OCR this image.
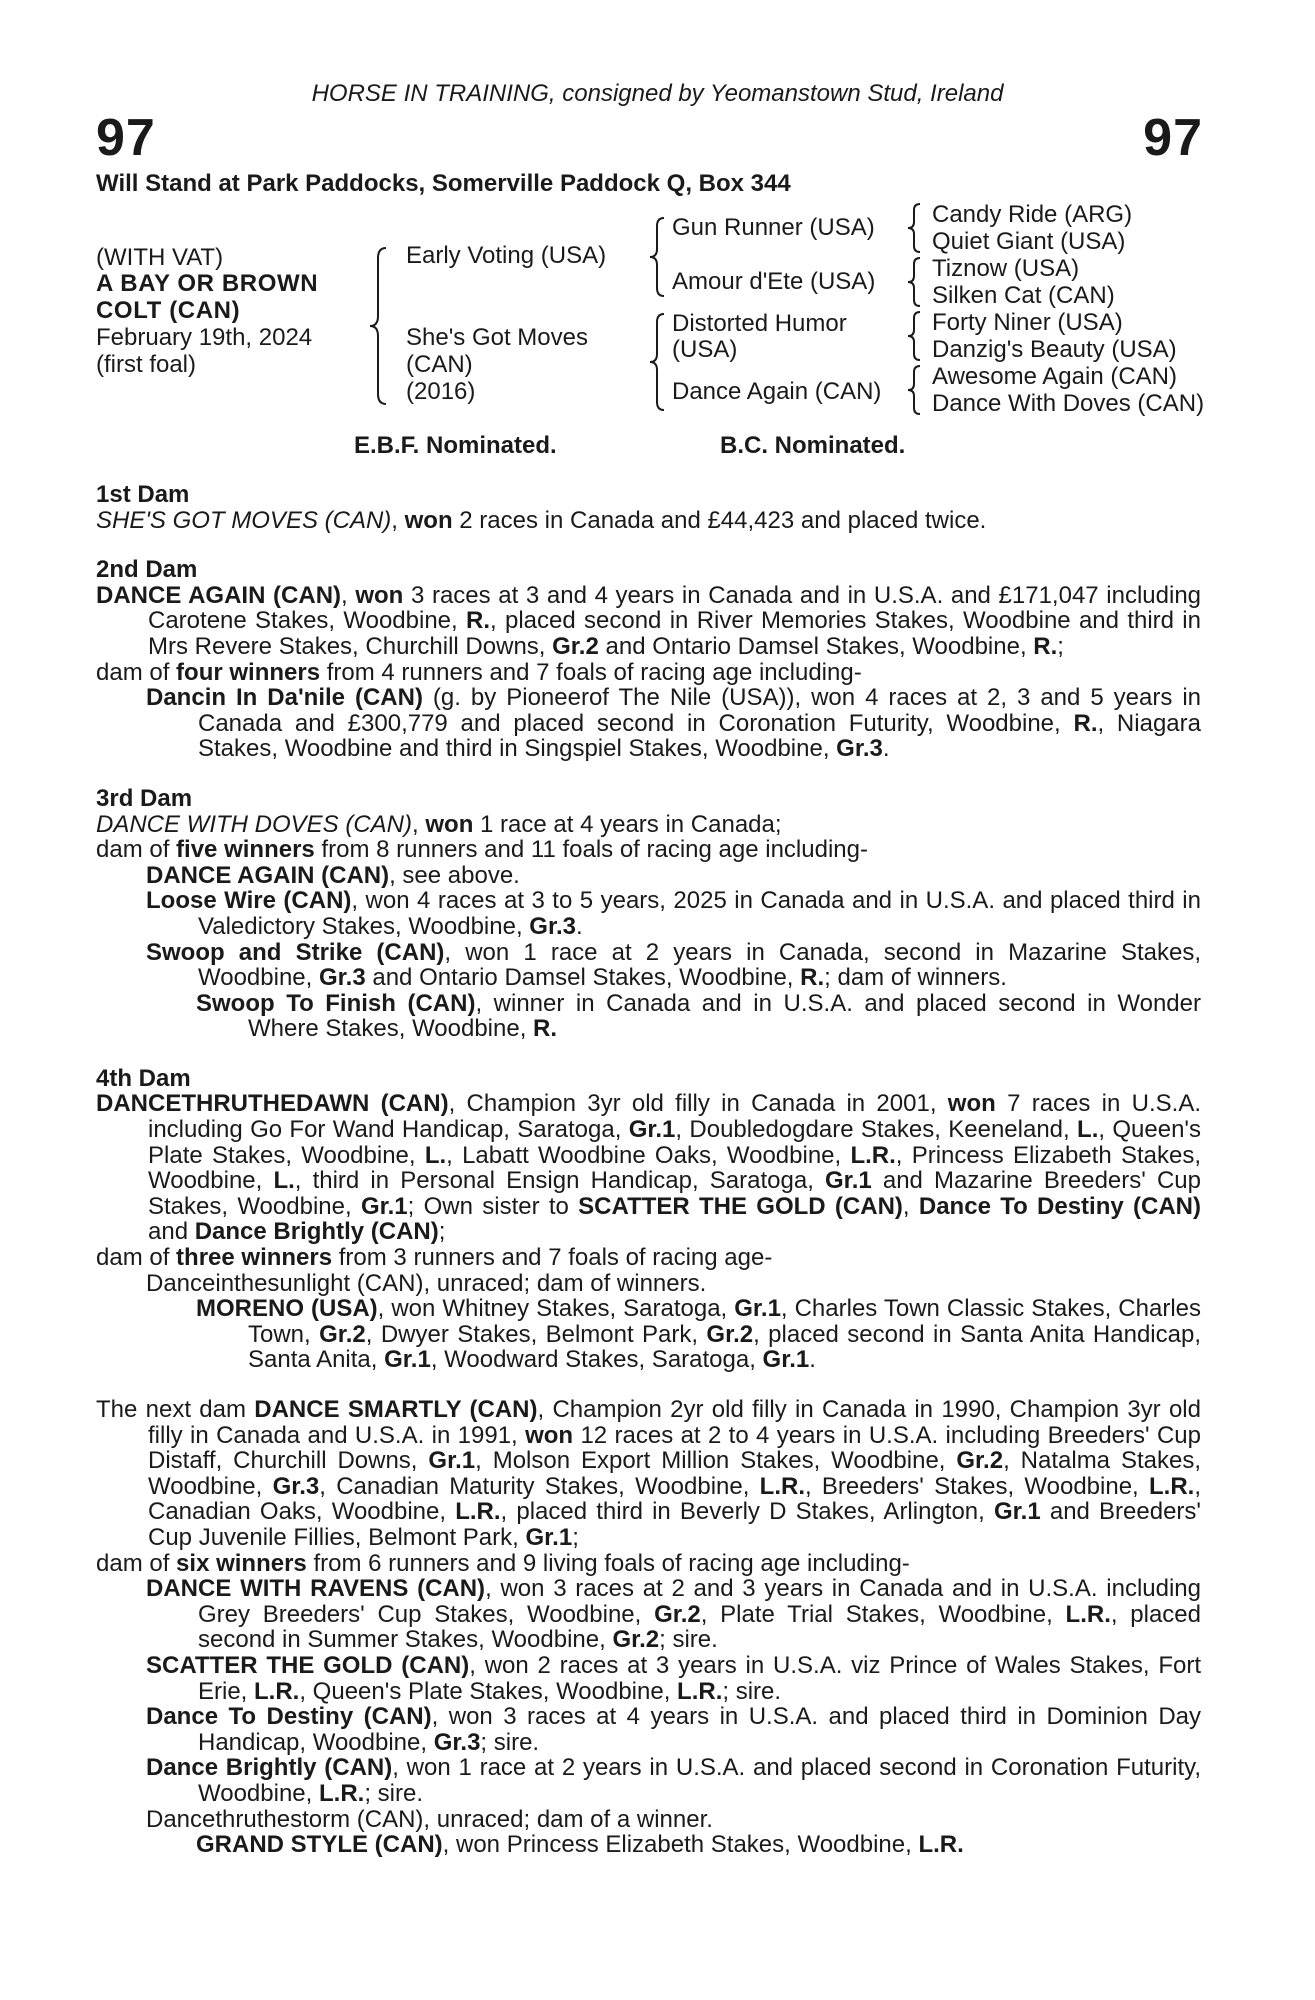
HORSE IN TRAINING, consigned by Yeomanstown Stud, Ireland
97	97
Will Stand at Park Paddocks, Somerville Paddock Q, Box 344
(WITH VAT)
A BAY OR BROWN
COLT (CAN)
February 19th, 2024
(first foal)
Early Voting (USA)
She's Got Moves
(CAN)
(2016)
Gun Runner (USA)
Amour d'Ete (USA)
Distorted Humor
(USA)
Dance Again (CAN)
Candy Ride (ARG)
Quiet Giant (USA)
Tiznow (USA)
Silken Cat (CAN)
Forty Niner (USA)
Danzig's Beauty (USA)
Awesome Again (CAN)
Dance With Doves (CAN)
E.B.F. Nominated.	B.C. Nominated.
1st Dam
SHE'S GOT MOVES (CAN), won 2 races in Canada and £44,423 and placed twice.
2nd Dam
DANCE AGAIN (CAN), won 3 races at 3 and 4 years in Canada and in U.S.A. and £171,047 including Carotene Stakes, Woodbine, R., placed second in River Memories Stakes, Woodbine and third in Mrs Revere Stakes, Churchill Downs, Gr.2 and Ontario Damsel Stakes, Woodbine, R.;
dam of four winners from 4 runners and 7 foals of racing age including-
Dancin In Da'nile (CAN) (g. by Pioneerof The Nile (USA)), won 4 races at 2, 3 and 5 years in Canada and £300,779 and placed second in Coronation Futurity, Woodbine, R., Niagara Stakes, Woodbine and third in Singspiel Stakes, Woodbine, Gr.3.
3rd Dam
DANCE WITH DOVES (CAN), won 1 race at 4 years in Canada;
dam of five winners from 8 runners and 11 foals of racing age including-
DANCE AGAIN (CAN), see above.
Loose Wire (CAN), won 4 races at 3 to 5 years, 2025 in Canada and in U.S.A. and placed third in Valedictory Stakes, Woodbine, Gr.3.
Swoop and Strike (CAN), won 1 race at 2 years in Canada, second in Mazarine Stakes, Woodbine, Gr.3 and Ontario Damsel Stakes, Woodbine, R.; dam of winners.
Swoop To Finish (CAN), winner in Canada and in U.S.A. and placed second in Wonder Where Stakes, Woodbine, R.
4th Dam
DANCETHRUTHEDAWN (CAN), Champion 3yr old filly in Canada in 2001, won 7 races in U.S.A. including Go For Wand Handicap, Saratoga, Gr.1, Doubledogdare Stakes, Keeneland, L., Queen's Plate Stakes, Woodbine, L., Labatt Woodbine Oaks, Woodbine, L.R., Princess Elizabeth Stakes, Woodbine, L., third in Personal Ensign Handicap, Saratoga, Gr.1 and Mazarine Breeders' Cup Stakes, Woodbine, Gr.1; Own sister to SCATTER THE GOLD (CAN), Dance To Destiny (CAN) and Dance Brightly (CAN);
dam of three winners from 3 runners and 7 foals of racing age-
Danceinthesunlight (CAN), unraced; dam of winners.
MORENO (USA), won Whitney Stakes, Saratoga, Gr.1, Charles Town Classic Stakes, Charles Town, Gr.2, Dwyer Stakes, Belmont Park, Gr.2, placed second in Santa Anita Handicap, Santa Anita, Gr.1, Woodward Stakes, Saratoga, Gr.1.
The next dam DANCE SMARTLY (CAN), Champion 2yr old filly in Canada in 1990, Champion 3yr old filly in Canada and U.S.A. in 1991, won 12 races at 2 to 4 years in U.S.A. including Breeders' Cup Distaff, Churchill Downs, Gr.1, Molson Export Million Stakes, Woodbine, Gr.2, Natalma Stakes, Woodbine, Gr.3, Canadian Maturity Stakes, Woodbine, L.R., Breeders' Stakes, Woodbine, L.R., Canadian Oaks, Woodbine, L.R., placed third in Beverly D Stakes, Arlington, Gr.1 and Breeders' Cup Juvenile Fillies, Belmont Park, Gr.1;
dam of six winners from 6 runners and 9 living foals of racing age including-
DANCE WITH RAVENS (CAN), won 3 races at 2 and 3 years in Canada and in U.S.A. including Grey Breeders' Cup Stakes, Woodbine, Gr.2, Plate Trial Stakes, Woodbine, L.R., placed second in Summer Stakes, Woodbine, Gr.2; sire.
SCATTER THE GOLD (CAN), won 2 races at 3 years in U.S.A. viz Prince of Wales Stakes, Fort Erie, L.R., Queen's Plate Stakes, Woodbine, L.R.; sire.
Dance To Destiny (CAN), won 3 races at 4 years in U.S.A. and placed third in Dominion Day Handicap, Woodbine, Gr.3; sire.
Dance Brightly (CAN), won 1 race at 2 years in U.S.A. and placed second in Coronation Futurity, Woodbine, L.R.; sire.
Dancethruthestorm (CAN), unraced; dam of a winner.
GRAND STYLE (CAN), won Princess Elizabeth Stakes, Woodbine, L.R.
